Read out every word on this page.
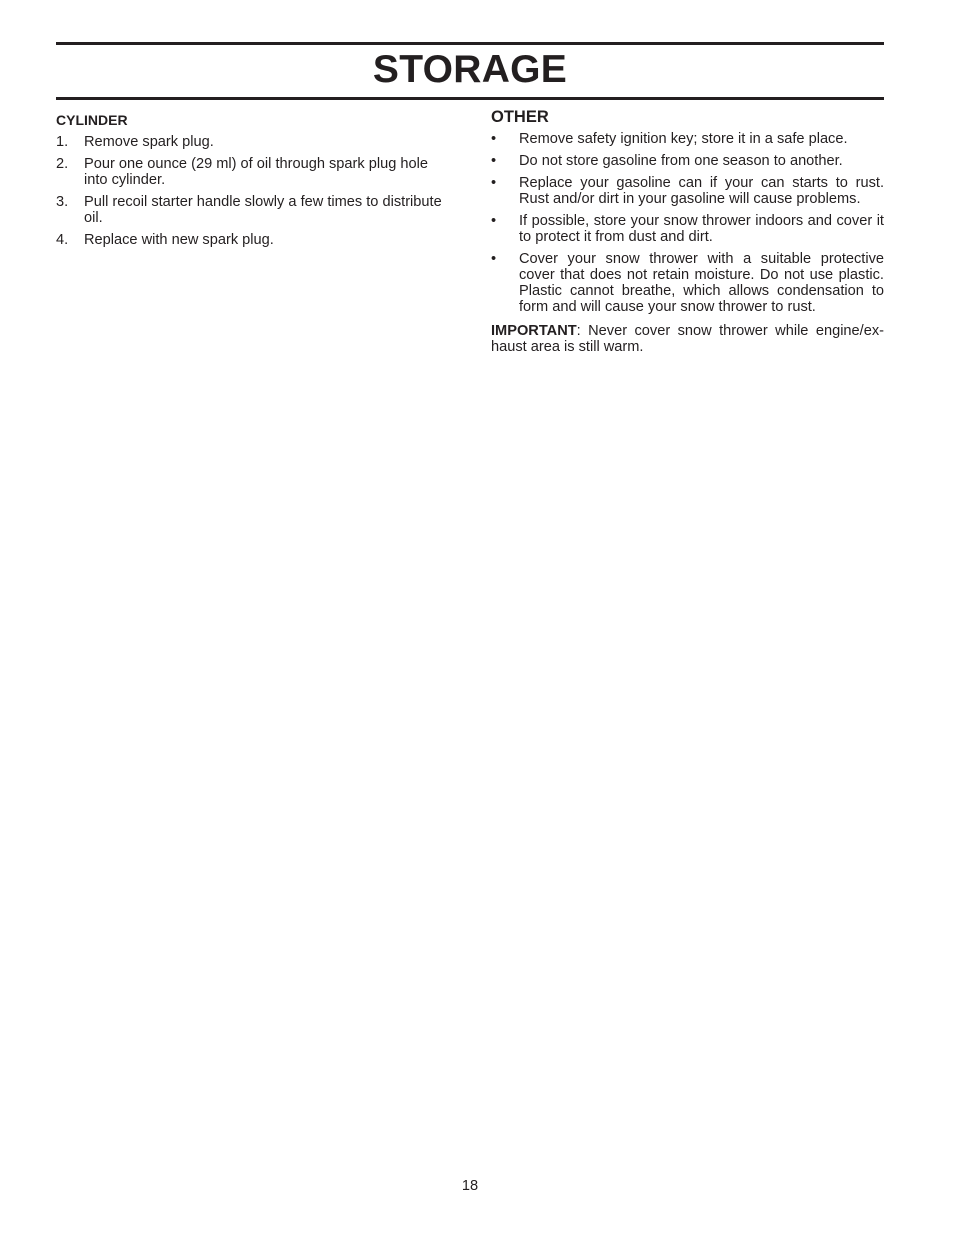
STORAGE
CYLINDER
1. Remove spark plug.
2. Pour one ounce (29 ml) of oil through spark plug hole into cylinder.
3. Pull recoil starter handle slowly a few times to distribute oil.
4. Replace with new spark plug.
OTHER
• Remove safety ignition key; store it in a safe place.
• Do not store gasoline from one season to another.
• Replace your gasoline can if your can starts to rust. Rust and/or dirt in your gasoline will cause problems.
• If possible, store your snow thrower indoors and cover it to protect it from dust and dirt.
• Cover your snow thrower with a suitable protective cover that does not retain moisture. Do not use plastic. Plastic cannot breathe, which allows condensation to form and will cause your snow thrower to rust.
IMPORTANT: Never cover snow thrower while engine/ex-haust area is still warm.
18
